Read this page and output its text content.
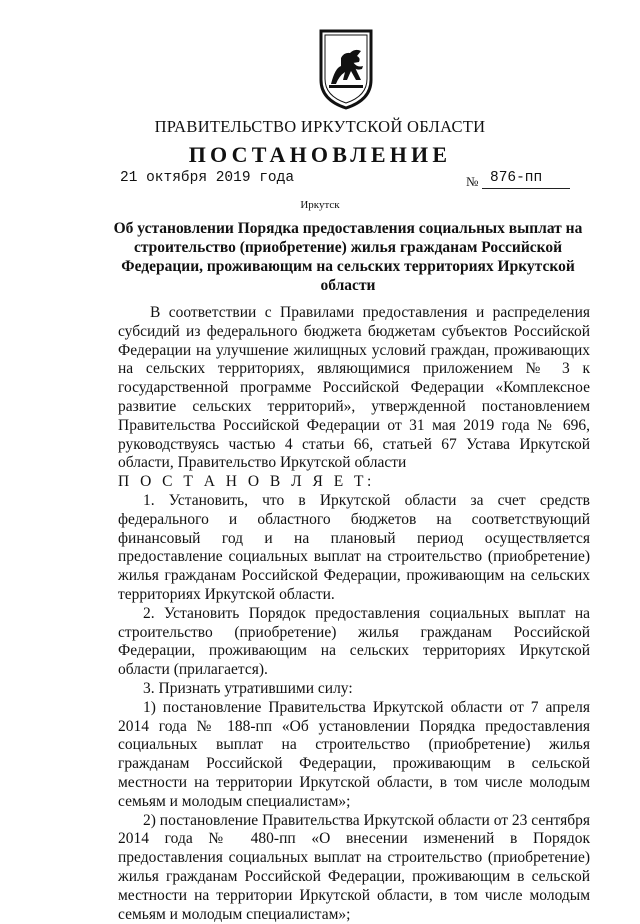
ПРАВИТЕЛЬСТВО ИРКУТСКОЙ ОБЛАСТИ
ПОСТАНОВЛЕНИЕ
21 октября 2019 года	№ 876-пп
Иркутск
Об установлении Порядка предоставления социальных выплат на строительство (приобретение) жилья гражданам Российской Федерации, проживающим на сельских территориях Иркутской области

В соответствии с Правилами предоставления и распределения субсидий из федерального бюджета бюджетам субъектов Российской Федерации на улучшение жилищных условий граждан, проживающих на сельских территориях, являющимися приложением № 3 к государственной программе Российской Федерации «Комплексное развитие сельских территорий», утвержденной постановлением Правительства Российской Федерации от 31 мая 2019 года № 696, руководствуясь частью 4 статьи 66, статьей 67 Устава Иркутской области, Правительство Иркутской области

П О С Т А Н О В Л Я Е Т:

1. Установить, что в Иркутской области за счет средств федерального и областного бюджетов на соответствующий финансовый год и на плановый период осуществляется предоставление социальных выплат на строительство (приобретение) жилья гражданам Российской Федерации, проживающим на сельских территориях Иркутской области.

2. Установить Порядок предоставления социальных выплат на строительство (приобретение) жилья гражданам Российской Федерации, проживающим на сельских территориях Иркутской области (прилагается).

3. Признать утратившими силу:

1) постановление Правительства Иркутской области от 7 апреля 2014 года № 188-пп «Об установлении Порядка предоставления социальных выплат на строительство (приобретение) жилья гражданам Российской Федерации, проживающим в сельской местности на территории Иркутской области, в том числе молодым семьям и молодым специалистам»;

2) постановление Правительства Иркутской области от 23 сентября 2014 года № 480-пп «О внесении изменений в Порядок предоставления социальных выплат на строительство (приобретение) жилья гражданам Российской Федерации, проживающим в сельской местности на территории Иркутской области, в том числе молодым семьям и молодым специалистам»;
